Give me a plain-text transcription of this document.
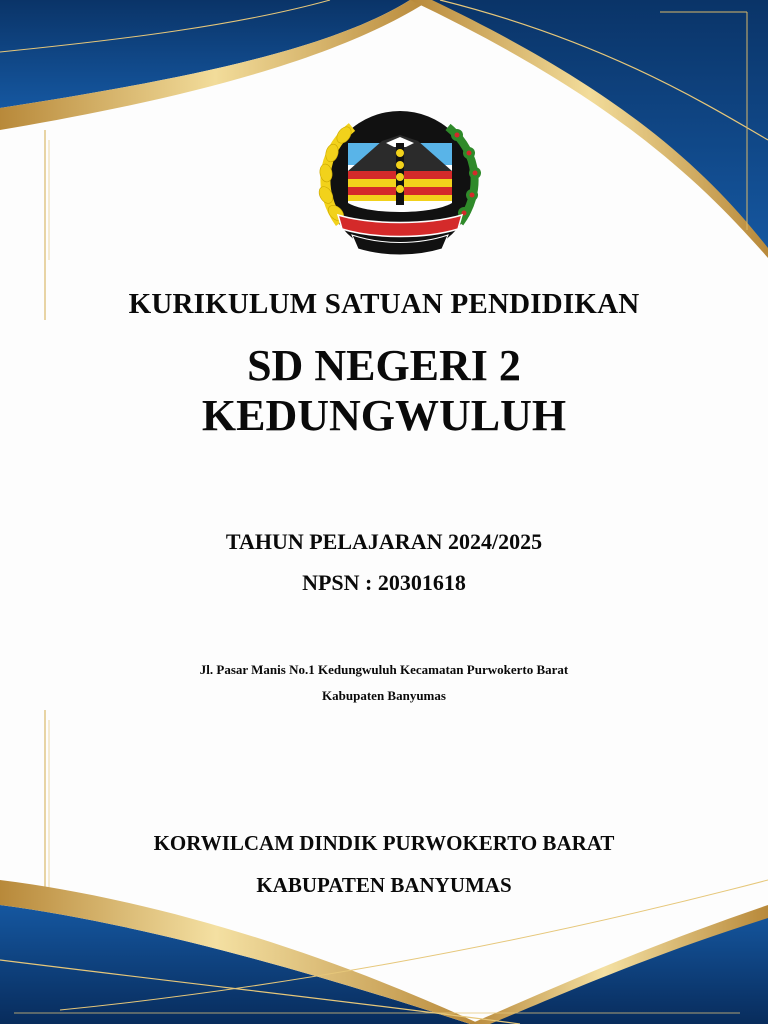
KURIKULUM SATUAN PENDIDIKAN
SD NEGERI 2
KEDUNGWULUH
TAHUN PELAJARAN 2024/2025
NPSN : 20301618
Jl. Pasar Manis No.1 Kedungwuluh Kecamatan Purwokerto Barat
Kabupaten Banyumas
KORWILCAM DINDIK PURWOKERTO BARAT
KABUPATEN BANYUMAS
